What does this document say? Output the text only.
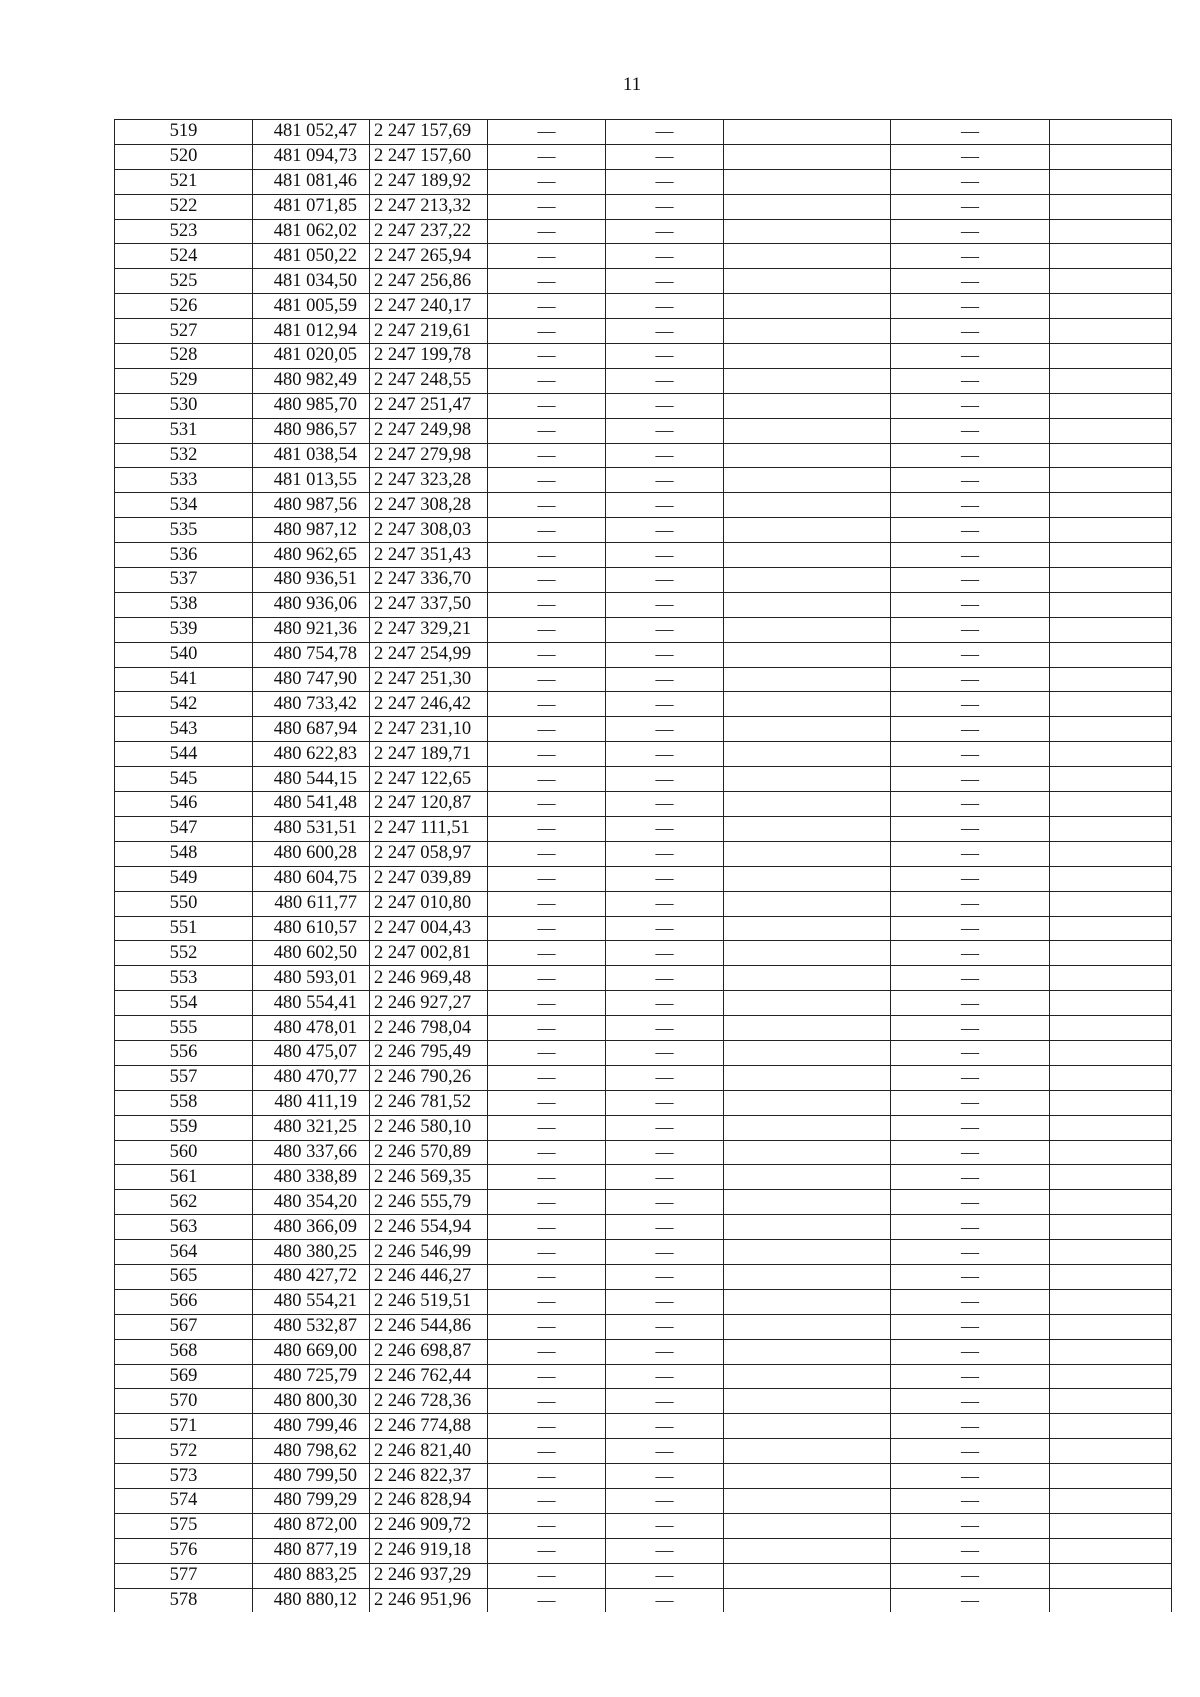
11
519	481 052,47	2 247 157,69	—	—		—	
520	481 094,73	2 247 157,60	—	—		—	
521	481 081,46	2 247 189,92	—	—		—	
522	481 071,85	2 247 213,32	—	—		—	
523	481 062,02	2 247 237,22	—	—		—	
524	481 050,22	2 247 265,94	—	—		—	
525	481 034,50	2 247 256,86	—	—		—	
526	481 005,59	2 247 240,17	—	—		—	
527	481 012,94	2 247 219,61	—	—		—	
528	481 020,05	2 247 199,78	—	—		—	
529	480 982,49	2 247 248,55	—	—		—	
530	480 985,70	2 247 251,47	—	—		—	
531	480 986,57	2 247 249,98	—	—		—	
532	481 038,54	2 247 279,98	—	—		—	
533	481 013,55	2 247 323,28	—	—		—	
534	480 987,56	2 247 308,28	—	—		—	
535	480 987,12	2 247 308,03	—	—		—	
536	480 962,65	2 247 351,43	—	—		—	
537	480 936,51	2 247 336,70	—	—		—	
538	480 936,06	2 247 337,50	—	—		—	
539	480 921,36	2 247 329,21	—	—		—	
540	480 754,78	2 247 254,99	—	—		—	
541	480 747,90	2 247 251,30	—	—		—	
542	480 733,42	2 247 246,42	—	—		—	
543	480 687,94	2 247 231,10	—	—		—	
544	480 622,83	2 247 189,71	—	—		—	
545	480 544,15	2 247 122,65	—	—		—	
546	480 541,48	2 247 120,87	—	—		—	
547	480 531,51	2 247 111,51	—	—		—	
548	480 600,28	2 247 058,97	—	—		—	
549	480 604,75	2 247 039,89	—	—		—	
550	480 611,77	2 247 010,80	—	—		—	
551	480 610,57	2 247 004,43	—	—		—	
552	480 602,50	2 247 002,81	—	—		—	
553	480 593,01	2 246 969,48	—	—		—	
554	480 554,41	2 246 927,27	—	—		—	
555	480 478,01	2 246 798,04	—	—		—	
556	480 475,07	2 246 795,49	—	—		—	
557	480 470,77	2 246 790,26	—	—		—	
558	480 411,19	2 246 781,52	—	—		—	
559	480 321,25	2 246 580,10	—	—		—	
560	480 337,66	2 246 570,89	—	—		—	
561	480 338,89	2 246 569,35	—	—		—	
562	480 354,20	2 246 555,79	—	—		—	
563	480 366,09	2 246 554,94	—	—		—	
564	480 380,25	2 246 546,99	—	—		—	
565	480 427,72	2 246 446,27	—	—		—	
566	480 554,21	2 246 519,51	—	—		—	
567	480 532,87	2 246 544,86	—	—		—	
568	480 669,00	2 246 698,87	—	—		—	
569	480 725,79	2 246 762,44	—	—		—	
570	480 800,30	2 246 728,36	—	—		—	
571	480 799,46	2 246 774,88	—	—		—	
572	480 798,62	2 246 821,40	—	—		—	
573	480 799,50	2 246 822,37	—	—		—	
574	480 799,29	2 246 828,94	—	—		—	
575	480 872,00	2 246 909,72	—	—		—	
576	480 877,19	2 246 919,18	—	—		—	
577	480 883,25	2 246 937,29	—	—		—	
578	480 880,12	2 246 951,96	—	—		—	
